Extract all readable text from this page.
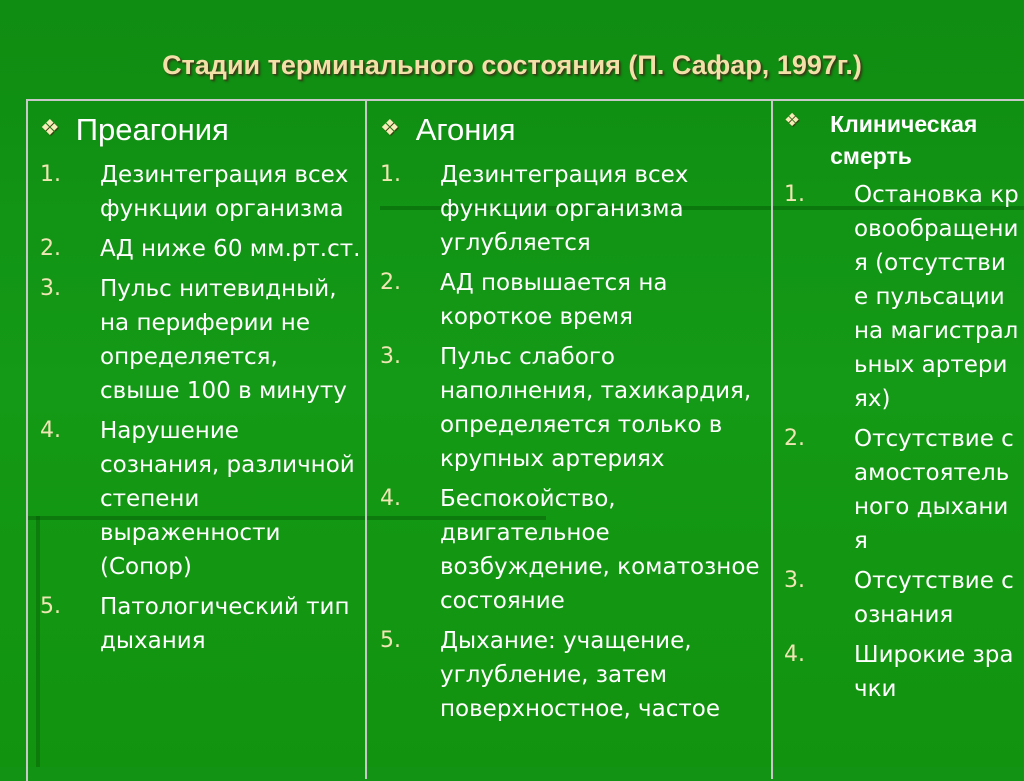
Стадии терминального состояния (П. Сафар, 1997г.)
❖ Преагония
1.	Дезинтеграция всех функции организма
2.	АД ниже 60 мм.рт.ст.
3.	Пульс нитевидный, на периферии не определяется, свыше 100 в минуту
4.	Нарушение сознания, различной степени выраженности (Сопор)
5.	Патологический тип дыхания
❖ Агония
1.	Дезинтеграция всех функции организма углубляется
2.	АД повышается на короткое время
3.	Пульс слабого наполнения, тахикардия, определяется только в крупных артериях
4.	Беспокойство, двигательное возбуждение, коматозное состояние
5.	Дыхание: учащение, углубление, затем поверхностное, частое
❖ Клиническая смерть
1.	Остановка кровообращения (отсутствие пульсации на магистральных артериях)
2.	Отсутствие самостоятельного дыхания
3.	Отсутствие сознания
4.	Широкие зрачки
